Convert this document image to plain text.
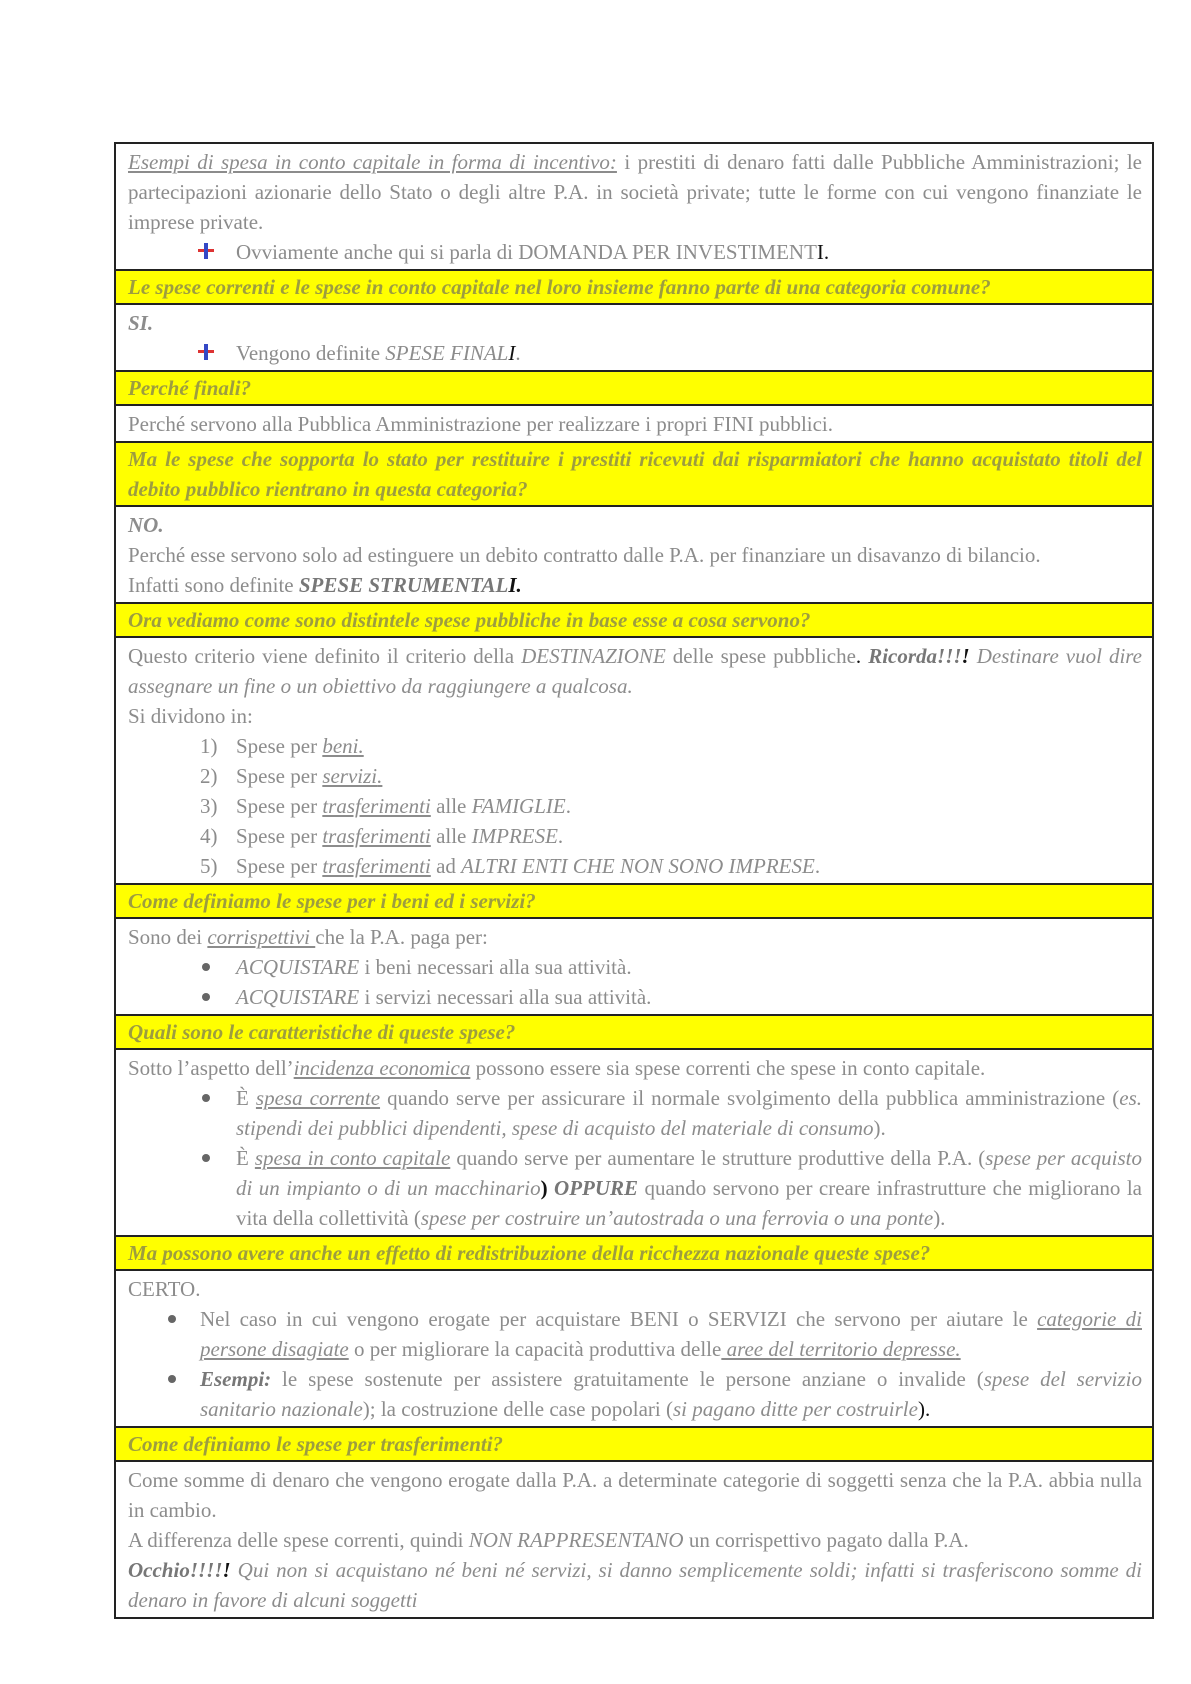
Esempi di spesa in conto capitale in forma di incentivo: i prestiti di denaro fatti dalle Pubbliche Amministrazioni; le partecipazioni azionarie dello Stato o degli altre P.A. in società private; tutte le forme con cui vengono finanziate le imprese private.

Ovviamente anche qui si parla di DOMANDA PER INVESTIMENTI.

Le spese correnti e le spese in conto capitale nel loro insieme fanno parte di una categoria comune?

SI.

Vengono definite SPESE FINALI.

Perché finali?
Perché servono alla Pubblica Amministrazione per realizzare i propri FINI pubblici.

Ma le spese che sopporta lo stato per restituire i prestiti ricevuti dai risparmiatori che hanno acquistato titoli del debito pubblico rientrano in questa categoria?

NO.

Perché esse servono solo ad estinguere un debito contratto dalle P.A. per finanziare un disavanzo di bilancio.

Infatti sono definite SPESE STRUMENTALI.

Ora vediamo come sono distintele spese pubbliche in base esse a cosa servono?

Questo criterio viene definito il criterio della DESTINAZIONE delle spese pubbliche. Ricorda!!!! Destinare vuol dire assegnare un fine o un obiettivo da raggiungere a qualcosa.

Si dividono in:

1) Spese per beni.
2) Spese per servizi.
3) Spese per trasferimenti alle FAMIGLIE.
4) Spese per trasferimenti alle IMPRESE.
5) Spese per trasferimenti ad ALTRI ENTI CHE NON SONO IMPRESE.

Come definiamo le spese per i beni ed i servizi?

Sono dei corrispettivi che la P.A. paga per:

ACQUISTARE i beni necessari alla sua attività.
ACQUISTARE i servizi necessari alla sua attività.

Quali sono le caratteristiche di queste spese?

Sotto l’aspetto dell’incidenza economica possono essere sia spese correnti che spese in conto capitale.

È spesa corrente quando serve per assicurare il normale svolgimento della pubblica amministrazione (es. stipendi dei pubblici dipendenti, spese di acquisto del materiale di consumo).
È spesa in conto capitale quando serve per aumentare le strutture produttive della P.A. (spese per acquisto di un impianto o di un macchinario) OPPURE quando servono per creare infrastrutture che migliorano la vita della collettività (spese per costruire un’autostrada o una ferrovia o una ponte).

Ma possono avere anche un effetto di redistribuzione della ricchezza nazionale queste spese?

CERTO.

Nel caso in cui vengono erogate per acquistare BENI o SERVIZI che servono per aiutare le categorie di persone disagiate o per migliorare la capacità produttiva delle aree del territorio depresse.
Esempi: le spese sostenute per assistere gratuitamente le persone anziane o invalide (spese del servizio sanitario nazionale); la costruzione delle case popolari (si pagano ditte per costruirle).

Come definiamo le spese per trasferimenti?

Come somme di denaro che vengono erogate dalla P.A. a determinate categorie di soggetti senza che la P.A. abbia nulla in cambio.

A differenza delle spese correnti, quindi NON RAPPRESENTANO un corrispettivo pagato dalla P.A.

Occhio!!!!! Qui non si acquistano né beni né servizi, si danno semplicemente soldi; infatti si trasferiscono somme di denaro in favore di alcuni soggetti
